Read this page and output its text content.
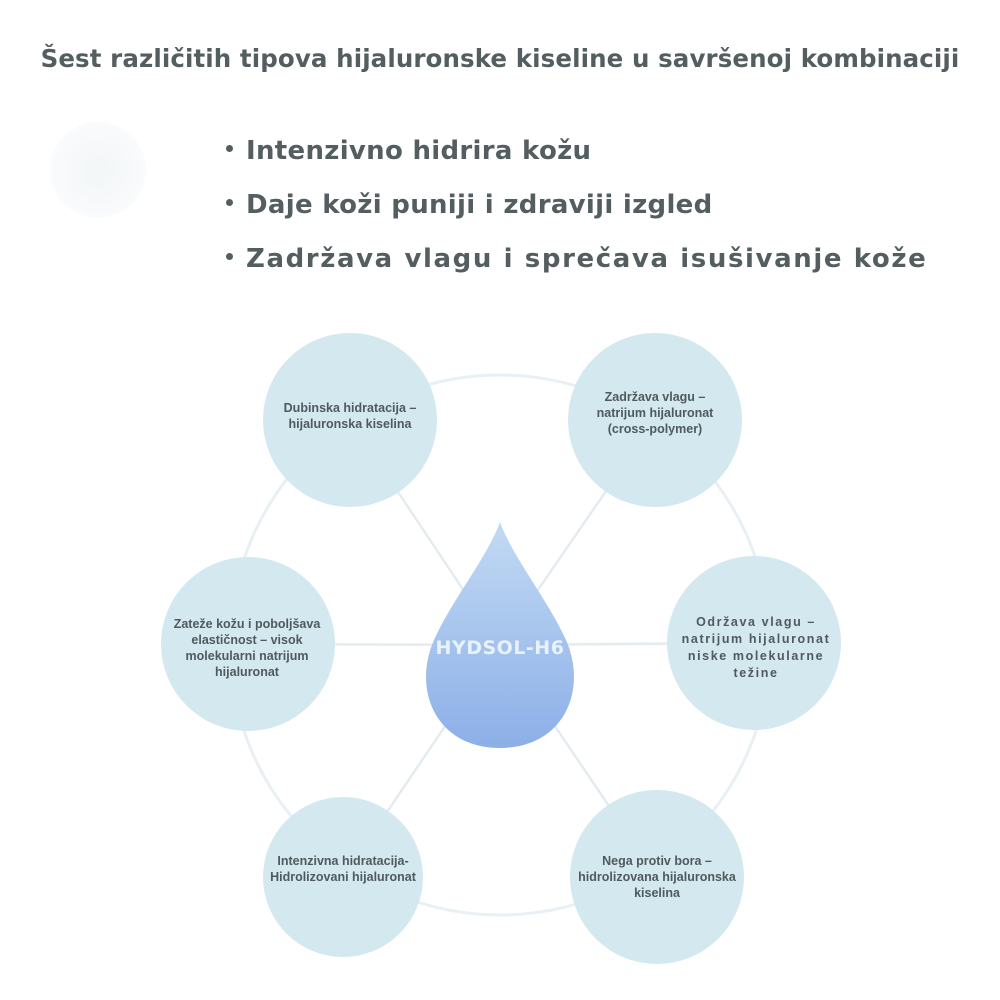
Šest različitih tipova hijaluronske kiseline u savršenoj kombinaciji
Intenzivno hidrira kožu
Daje koži puniji i zdraviji izgled
Zadržava vlagu i sprečava isušivanje kože
HYDSOL-H6
Dubinska hidratacija – hijaluronska kiselina
Zadržava vlagu – natrijum hijaluronat (cross-polymer)
Održava vlagu – natrijum hijaluronat niske molekularne težine
Nega protiv bora – hidrolizovana hijaluronska kiselina
Intenzivna hidratacija- Hidrolizovani hijaluronat
Zateže kožu i poboljšava elastičnost – visok molekularni natrijum hijaluronat
